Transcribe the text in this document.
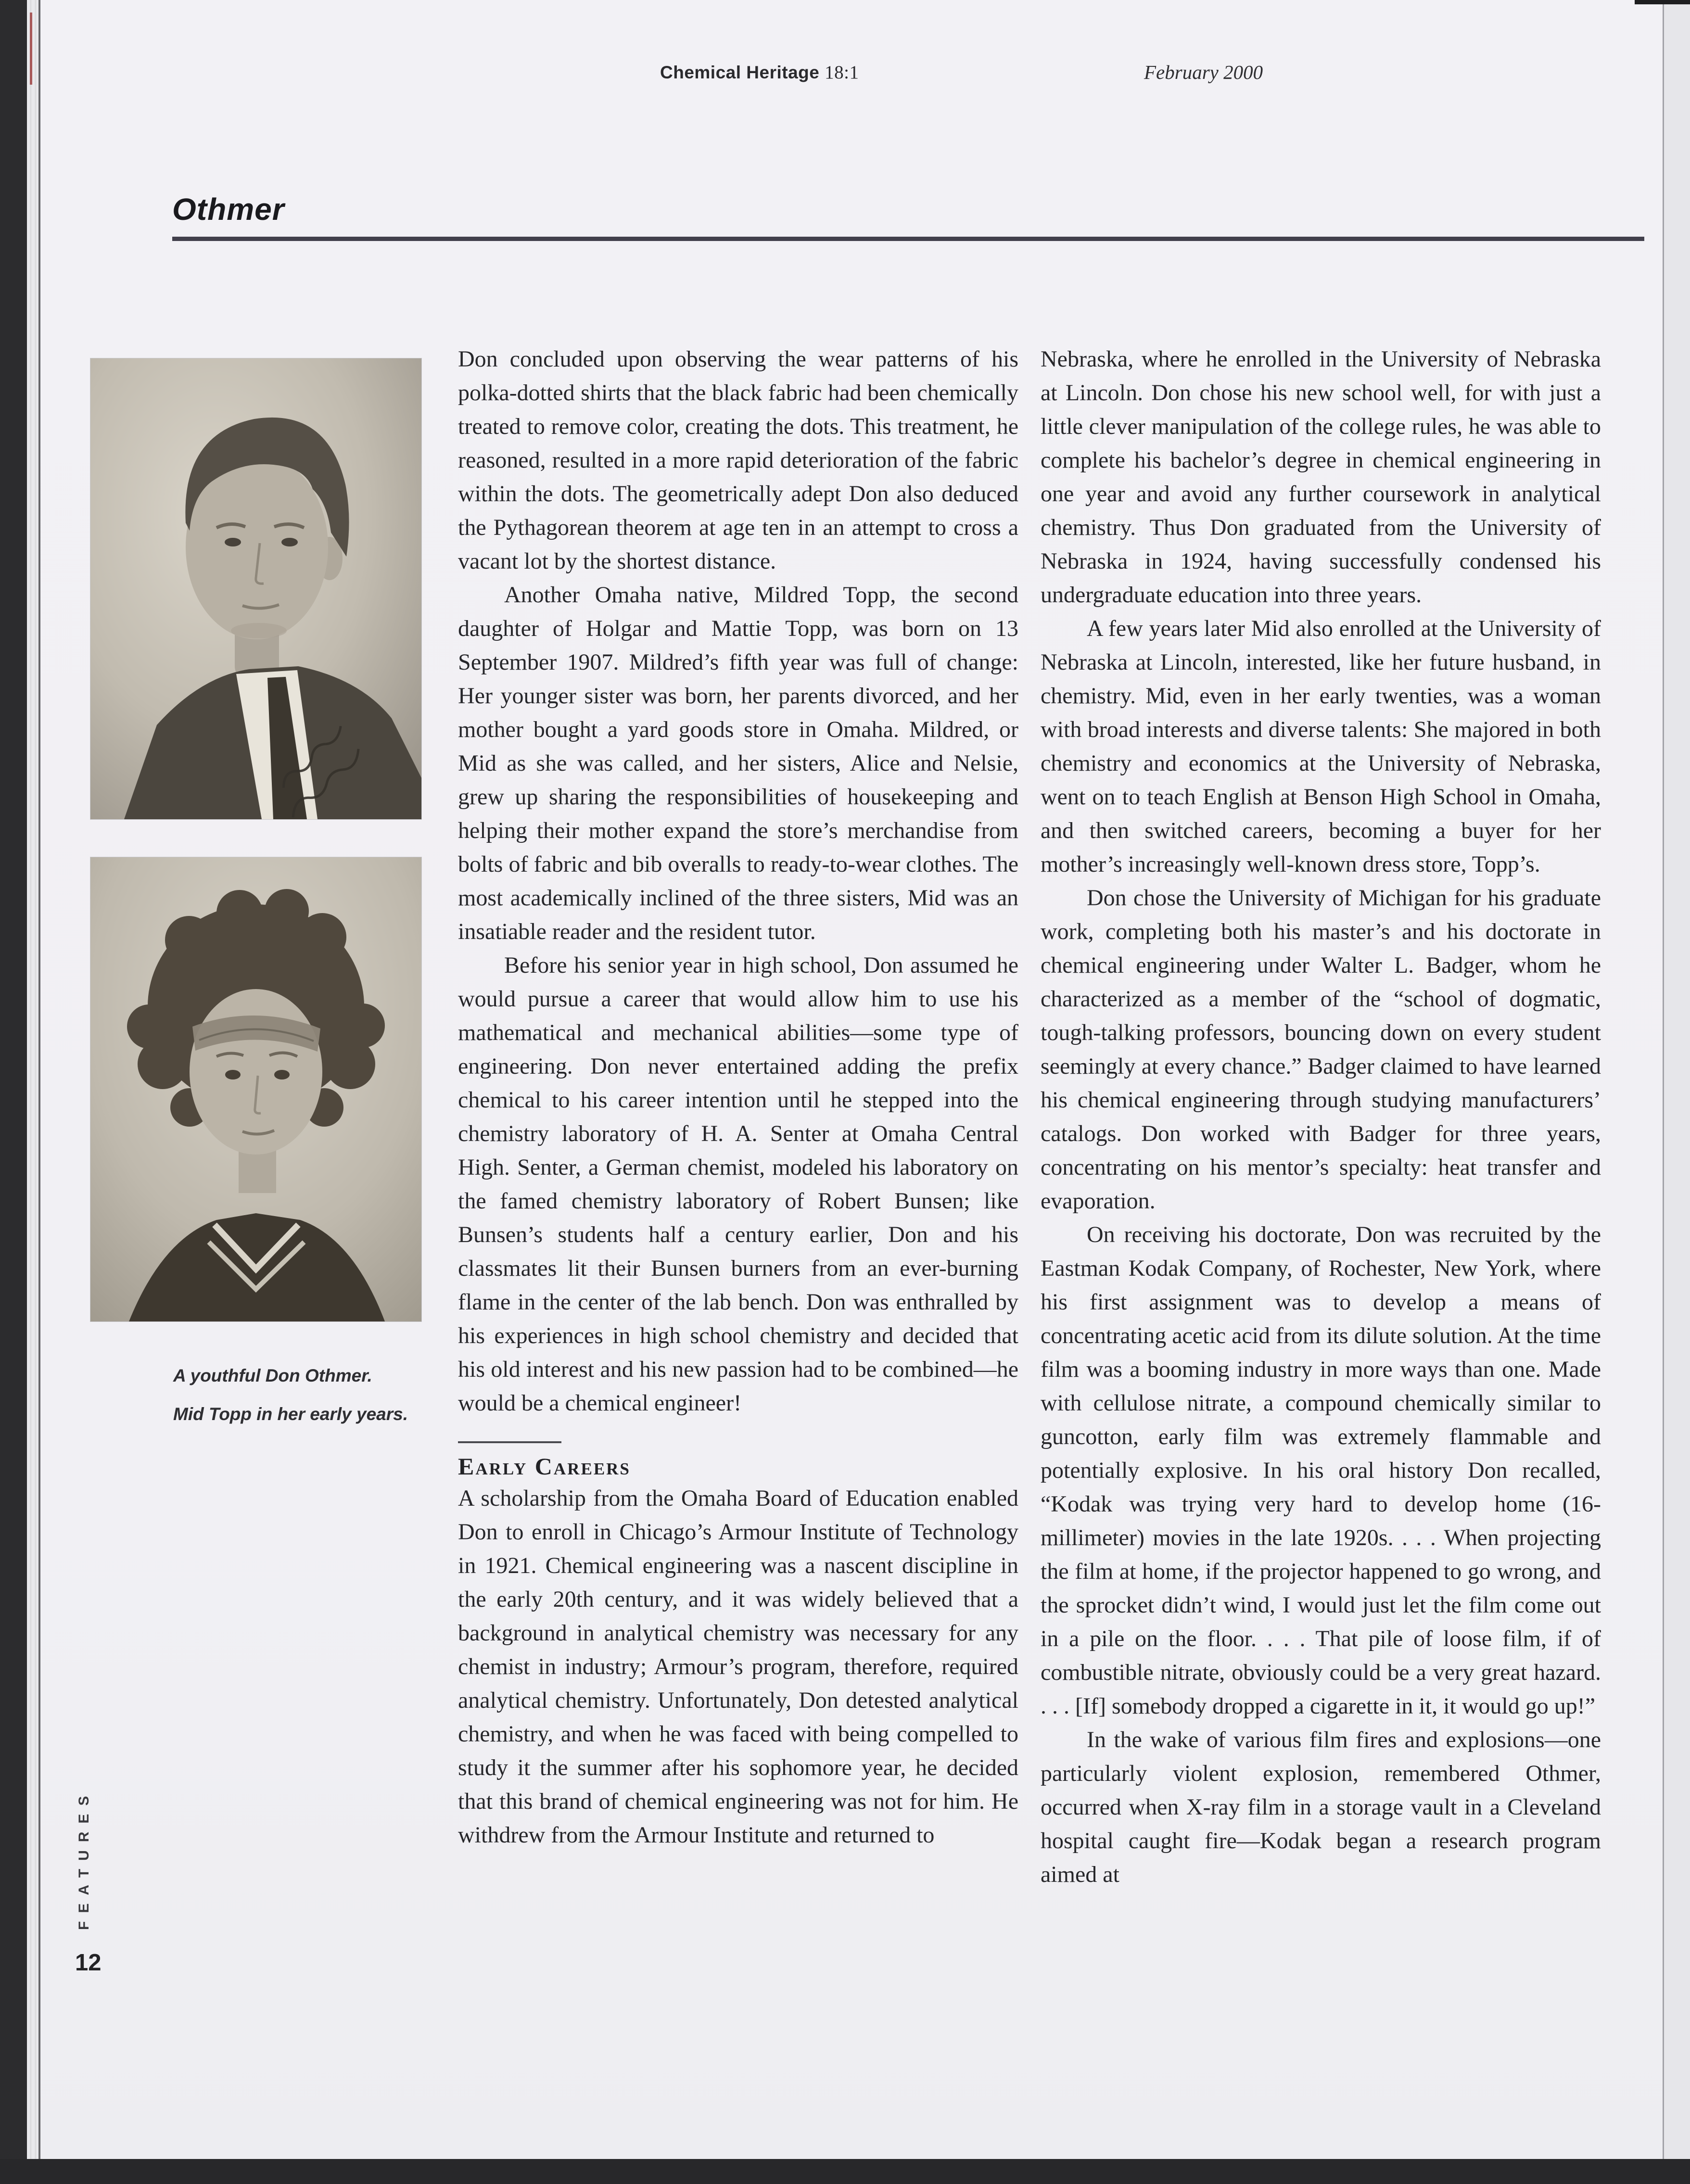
Chemical Heritage 18:1	February 2000
Othmer

A youthful Don Othmer.

Mid Topp in her early years.

Don concluded upon observing the wear patterns of his polka-dotted shirts that the black fabric had been chemically treated to remove color, creating the dots. This treatment, he reasoned, resulted in a more rapid deterioration of the fabric within the dots. The geometrically adept Don also deduced the Pythagorean theorem at age ten in an attempt to cross a vacant lot by the shortest distance.

Another Omaha native, Mildred Topp, the second daughter of Holgar and Mattie Topp, was born on 13 September 1907. Mildred’s fifth year was full of change: Her younger sister was born, her parents divorced, and her mother bought a yard goods store in Omaha. Mildred, or Mid as she was called, and her sisters, Alice and Nelsie, grew up sharing the responsibilities of housekeeping and helping their mother expand the store’s merchandise from bolts of fabric and bib overalls to ready-to-wear clothes. The most academically inclined of the three sisters, Mid was an insatiable reader and the resident tutor.

Before his senior year in high school, Don assumed he would pursue a career that would allow him to use his mathematical and mechanical abilities—some type of engineering. Don never entertained adding the prefix chemical to his career intention until he stepped into the chemistry laboratory of H. A. Senter at Omaha Central High. Senter, a German chemist, modeled his laboratory on the famed chemistry laboratory of Robert Bunsen; like Bunsen’s students half a century earlier, Don and his classmates lit their Bunsen burners from an ever-burning flame in the center of the lab bench. Don was enthralled by his experiences in high school chemistry and decided that his old interest and his new passion had to be combined—he would be a chemical engineer!

Early Careers

A scholarship from the Omaha Board of Education enabled Don to enroll in Chicago’s Armour Institute of Technology in 1921. Chemical engineering was a nascent discipline in the early 20th century, and it was widely believed that a background in analytical chemistry was necessary for any chemist in industry; Armour’s program, therefore, required analytical chemistry. Unfortunately, Don detested analytical chemistry, and when he was faced with being compelled to study it the summer after his sophomore year, he decided that this brand of chemical engineering was not for him. He withdrew from the Armour Institute and returned to

Nebraska, where he enrolled in the University of Nebraska at Lincoln. Don chose his new school well, for with just a little clever manipulation of the college rules, he was able to complete his bachelor’s degree in chemical engineering in one year and avoid any further coursework in analytical chemistry. Thus Don graduated from the University of Nebraska in 1924, having successfully condensed his undergraduate education into three years.

A few years later Mid also enrolled at the University of Nebraska at Lincoln, interested, like her future husband, in chemistry. Mid, even in her early twenties, was a woman with broad interests and diverse talents: She majored in both chemistry and economics at the University of Nebraska, went on to teach English at Benson High School in Omaha, and then switched careers, becoming a buyer for her mother’s increasingly well-known dress store, Topp’s.

Don chose the University of Michigan for his graduate work, completing both his master’s and his doctorate in chemical engineering under Walter L. Badger, whom he characterized as a member of the “school of dogmatic, tough-talking professors, bouncing down on every student seemingly at every chance.” Badger claimed to have learned his chemical engineering through studying manufacturers’ catalogs. Don worked with Badger for three years, concentrating on his mentor’s specialty: heat transfer and evaporation.

On receiving his doctorate, Don was recruited by the Eastman Kodak Company, of Rochester, New York, where his first assignment was to develop a means of concentrating acetic acid from its dilute solution. At the time film was a booming industry in more ways than one. Made with cellulose nitrate, a compound chemically similar to guncotton, early film was extremely flammable and potentially explosive. In his oral history Don recalled, “Kodak was trying very hard to develop home (16-millimeter) movies in the late 1920s. . . . When projecting the film at home, if the projector happened to go wrong, and the sprocket didn’t wind, I would just let the film come out in a pile on the floor. . . . That pile of loose film, if of combustible nitrate, obviously could be a very great hazard. . . . [If] somebody dropped a cigarette in it, it would go up!”

In the wake of various film fires and explosions—one particularly violent explosion, remembered Othmer, occurred when X-ray film in a storage vault in a Cleveland hospital caught fire—Kodak began a research program aimed at

FEATURES
12
